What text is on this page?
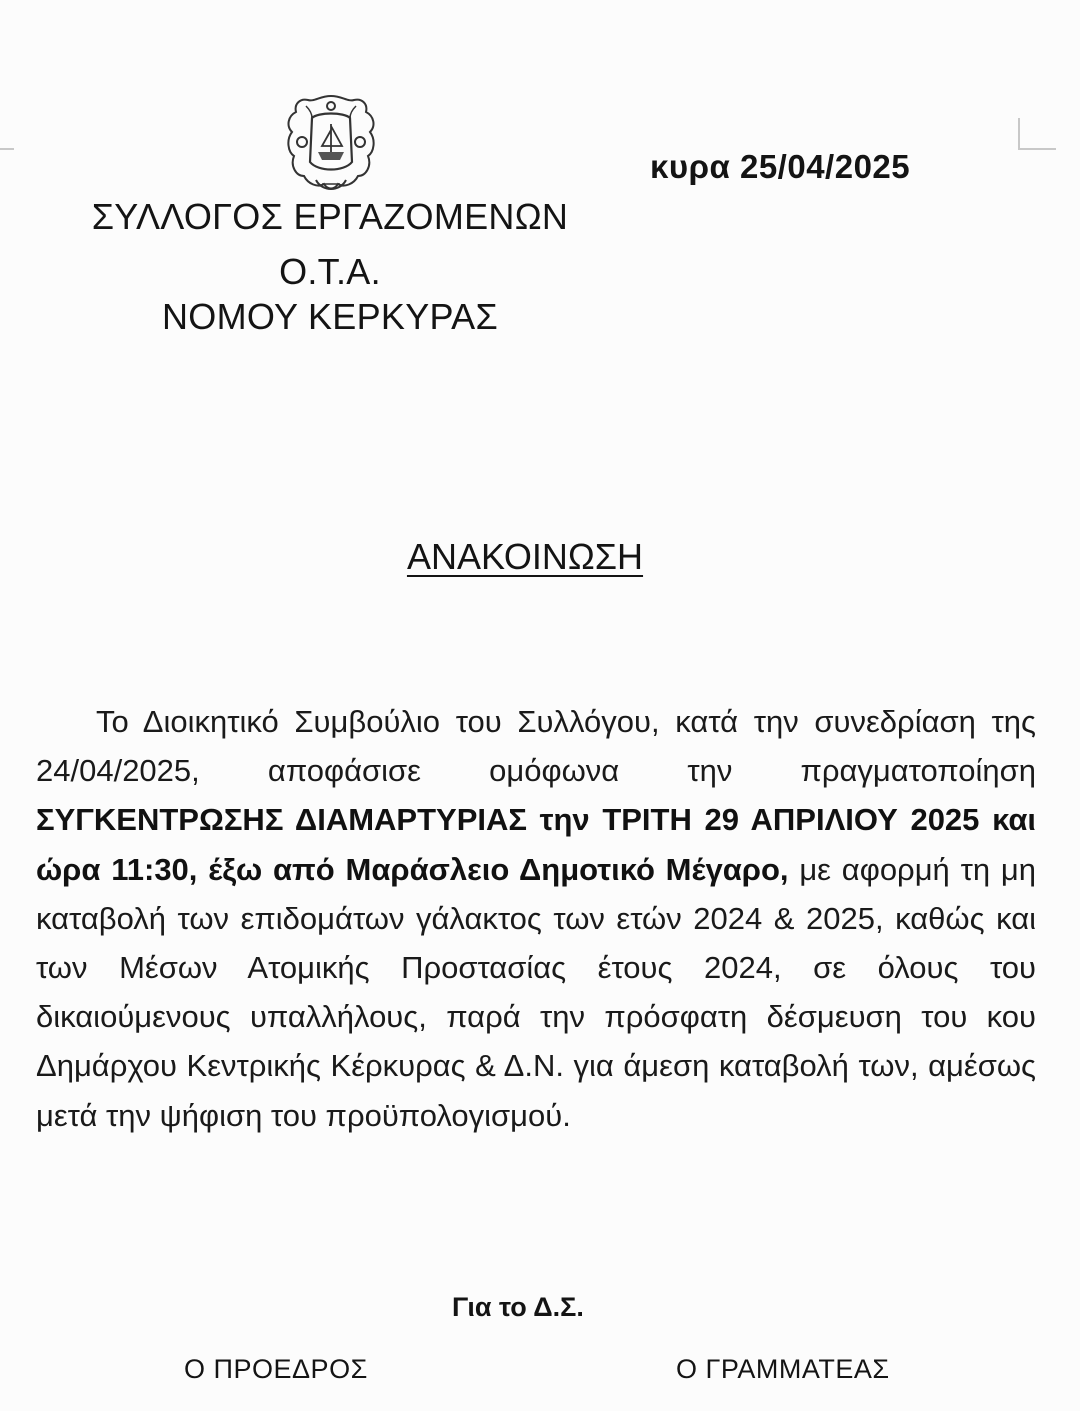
κυρα 25/04/2025
ΣΥΛΛΟΓΟΣ ΕΡΓΑΖΟΜΕΝΩΝ
Ο.Τ.Α.
ΝΟΜΟΥ ΚΕΡΚΥΡΑΣ
ΑΝΑΚΟΙΝΩΣΗ
Το Διοικητικό Συμβούλιο του Συλλόγου, κατά την συνεδρίαση της 24/04/2025, αποφάσισε ομόφωνα την πραγματοποίηση ΣΥΓΚΕΝΤΡΩΣΗΣ ΔΙΑΜΑΡΤΥΡΙΑΣ την ΤΡΙΤΗ 29 ΑΠΡΙΛΙΟΥ 2025 και ώρα 11:30, έξω από Μαράσλειο Δημοτικό Μέγαρο, με αφορμή τη μη καταβολή των επιδομάτων γάλακτος των ετών 2024 & 2025, καθώς και των Μέσων Ατομικής Προστασίας έτους 2024, σε όλους του δικαιούμενους υπαλλήλους, παρά την πρόσφατη δέσμευση του κου Δημάρχου Κεντρικής Κέρκυρας & Δ.Ν. για άμεση καταβολή των, αμέσως μετά την ψήφιση του προϋπολογισμού.
Για το Δ.Σ.
Ο ΠΡΟΕΔΡΟΣ	Ο ΓΡΑΜΜΑΤΕΑΣ
